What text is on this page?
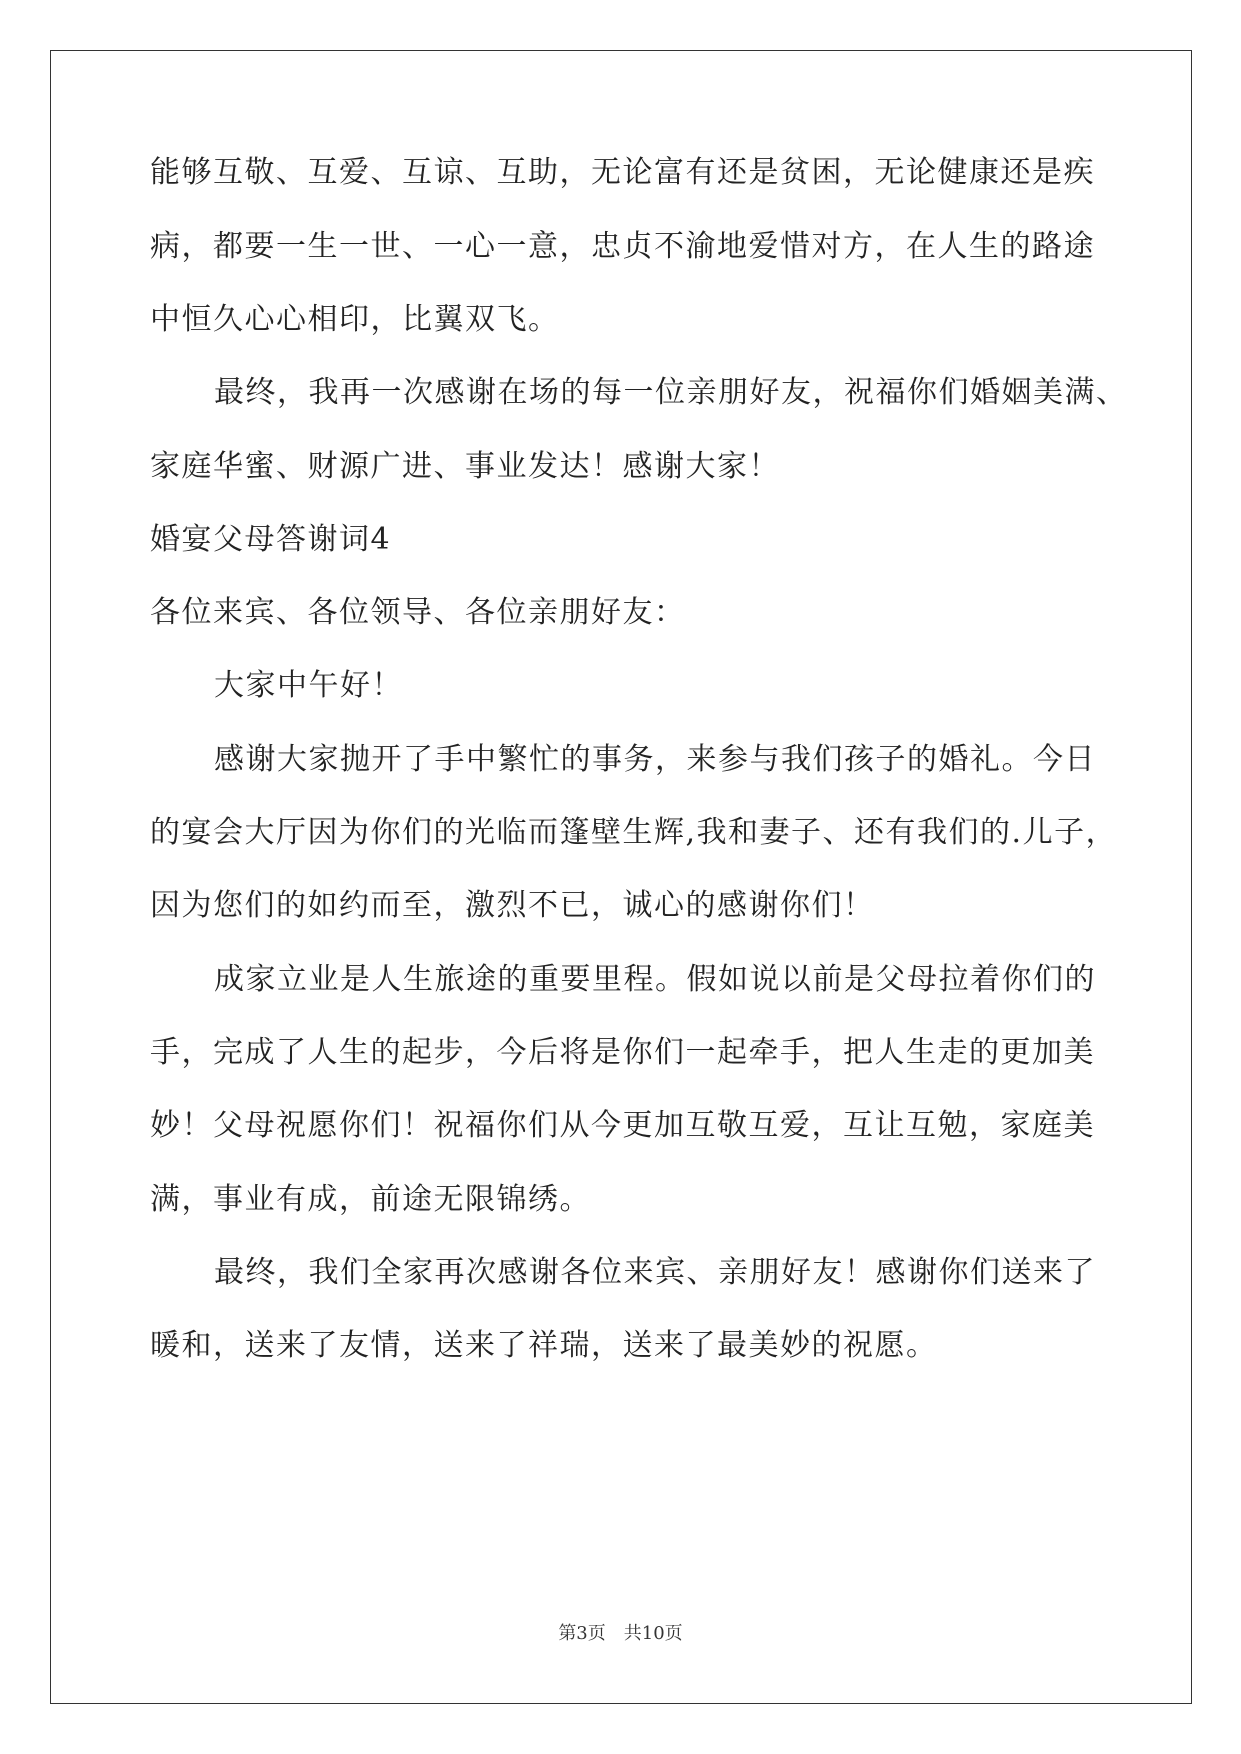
能够互敬、互爱、互谅、互助，无论富有还是贫困，无论健康还是疾
病，都要一生一世、一心一意，忠贞不渝地爱惜对方，在人生的路途
中恒久心心相印，比翼双飞。
最终，我再一次感谢在场的每一位亲朋好友，祝福你们婚姻美满、
家庭华蜜、财源广进、事业发达！感谢大家！
婚宴父母答谢词4
各位来宾、各位领导、各位亲朋好友：
大家中午好！
感谢大家抛开了手中繁忙的事务，来参与我们孩子的婚礼。今日
的宴会大厅因为你们的光临而篷壁生辉,我和妻子、还有我们的.儿子，
因为您们的如约而至，激烈不已，诚心的感谢你们！
成家立业是人生旅途的重要里程。假如说以前是父母拉着你们的
手，完成了人生的起步，今后将是你们一起牵手，把人生走的更加美
妙！父母祝愿你们！祝福你们从今更加互敬互爱，互让互勉，家庭美
满，事业有成，前途无限锦绣。
最终，我们全家再次感谢各位来宾、亲朋好友！感谢你们送来了
暖和，送来了友情，送来了祥瑞，送来了最美妙的祝愿。
第3页　共10页
